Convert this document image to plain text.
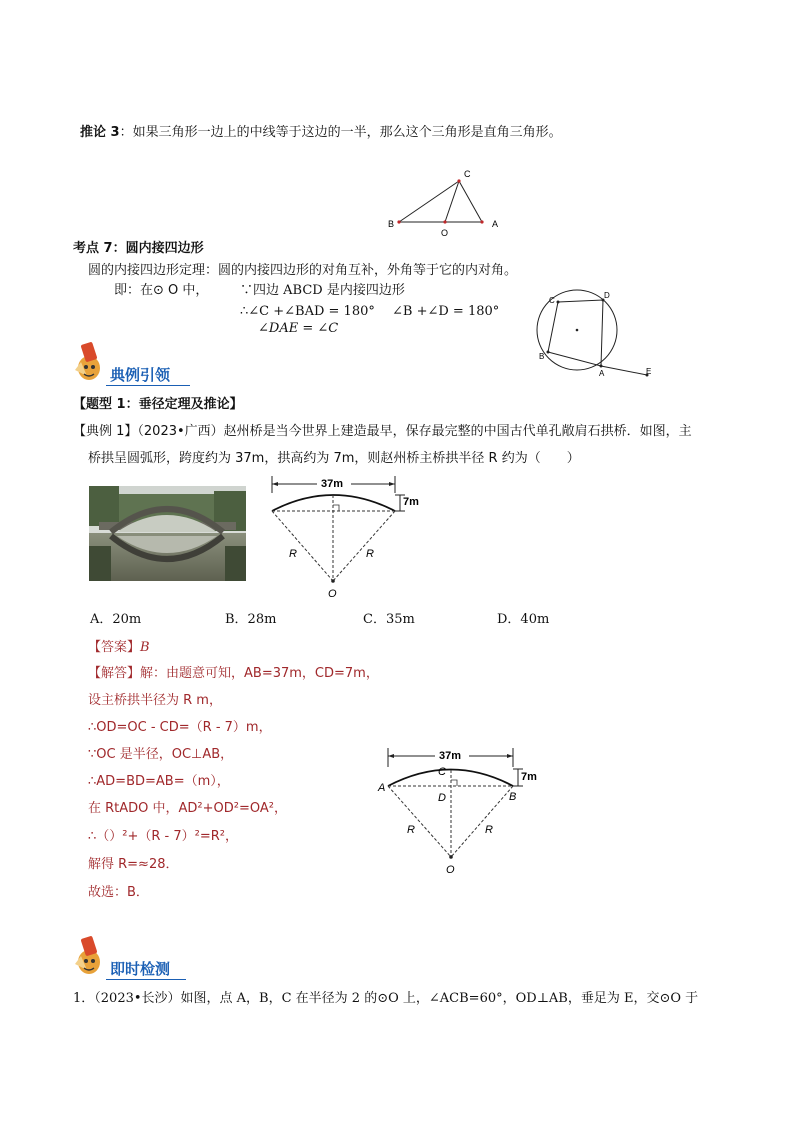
推论 3：如果三角形一边上的中线等于这边的一半，那么这个三角形是直角三角形。
C
B
O
A
考点 7：圆内接四边形
圆的内接四边形定理：圆的内接四边形的对角互补，外角等于它的内对角。
即：在⊙ O 中， ∵四边 ABCD 是内接四边形
∴∠C +∠BAD = 180°　 ∠B +∠D = 180°
∠DAE = ∠C
C
D
B
A	E
典例引领
【题型 1：垂径定理及推论】
【典例 1】（2023•广西）赵州桥是当今世界上建造最早，保存最完整的中国古代单孔敞肩石拱桥．如图，主
桥拱呈圆弧形，跨度约为 37m，拱高约为 7m，则赵州桥主桥拱半径 R 约为（　　）
37m
7m
R	R
O
A．20m	B．28m	C．35m	D．40m
【答案】B
【解答】解：由题意可知，AB=37m，CD=7m，
设主桥拱半径为 R m，
∴OD=OC - CD=（R - 7）m，
∵OC 是半径，OC⊥AB，
∴AD=BD=AB=（m），
在 RtADO 中，AD²+OD²=OA²，
∴（）²+（R - 7）²=R²，
解得 R=≈28．
故选：B．
37m
7m
A
B
C
D
R	R
O
即时检测
1．（2023•长沙）如图，点 A，B，C 在半径为 2 的⊙O 上，∠ACB=60°，OD⊥AB，垂足为 E，交⊙O 于
